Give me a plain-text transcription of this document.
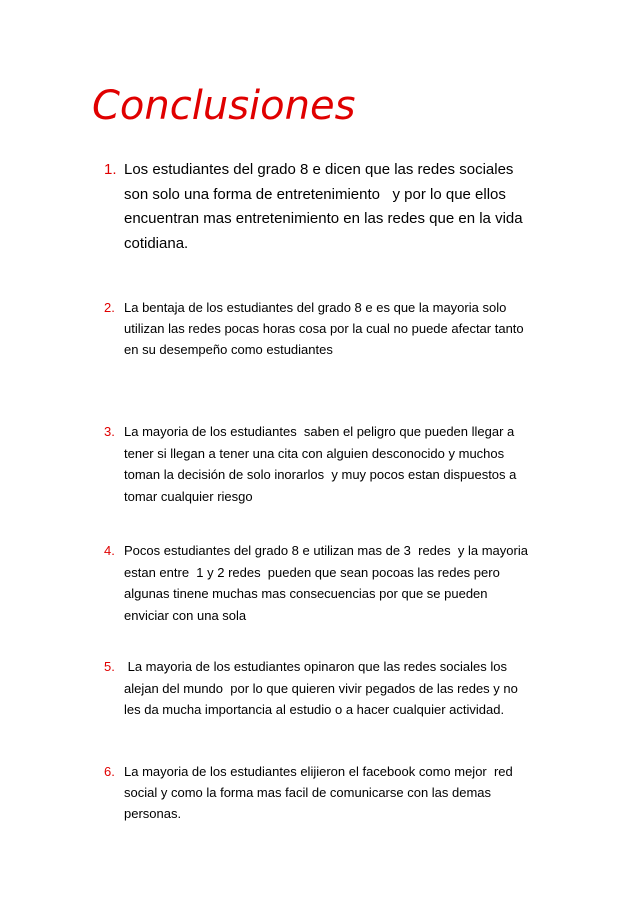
Conclusiones
1. Los estudiantes del grado 8 e dicen que las redes sociales
son solo una forma de entretenimiento   y por lo que ellos
encuentran mas entretenimiento en las redes que en la vida
cotidiana.
2. La bentaja de los estudiantes del grado 8 e es que la mayoria solo
utilizan las redes pocas horas cosa por la cual no puede afectar tanto
en su desempeño como estudiantes
3. La mayoria de los estudiantes  saben el peligro que pueden llegar a
tener si llegan a tener una cita con alguien desconocido y muchos
toman la decisión de solo inorarlos  y muy pocos estan dispuestos a
tomar cualquier riesgo
4. Pocos estudiantes del grado 8 e utilizan mas de 3  redes  y la mayoria
estan entre  1 y 2 redes  pueden que sean pocoas las redes pero
algunas tinene muchas mas consecuencias por que se pueden
enviciar con una sola
5. La mayoria de los estudiantes opinaron que las redes sociales los
alejan del mundo  por lo que quieren vivir pegados de las redes y no
les da mucha importancia al estudio o a hacer cualquier actividad.
6. La mayoria de los estudiantes elijieron el facebook como mejor  red
social y como la forma mas facil de comunicarse con las demas
personas.
